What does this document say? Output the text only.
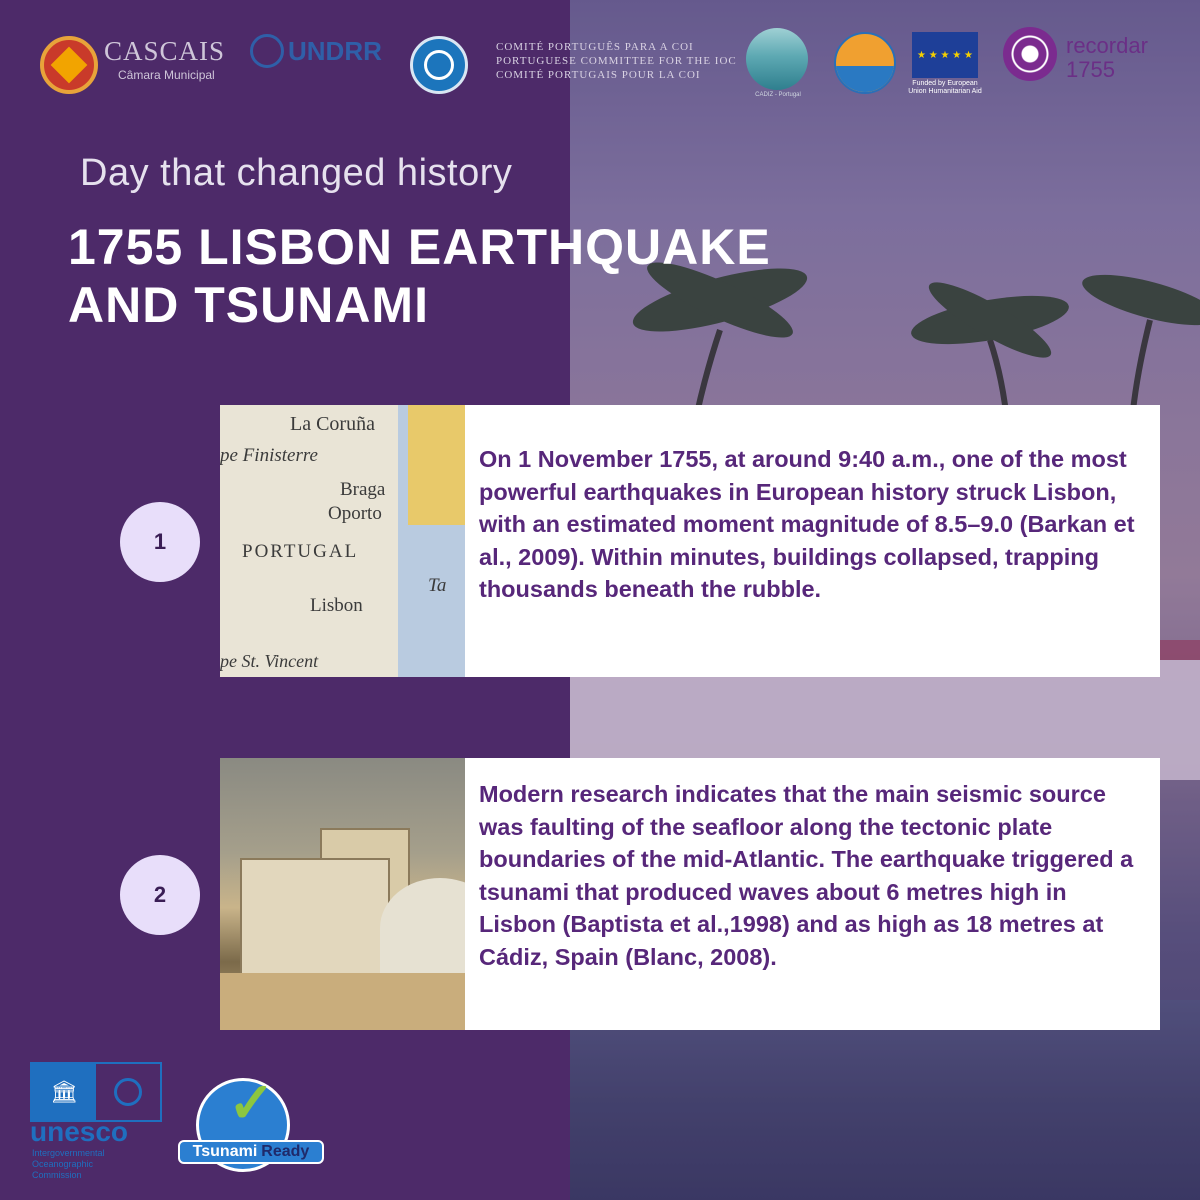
CASCAIS
Câmara Municipal
UNDRR	COMITÉ PORTUGUÊS PARA A COI
PORTUGUESE COMMITTEE FOR THE IOC
COMITÉ PORTUGAIS POUR LA COI
CADIZ - Portugal
★ ★ ★ ★ ★
Funded by European Union Humanitarian Aid
recordar
1755
Day that changed history
1755 LISBON EARTHQUAKE
AND TSUNAMI
1
La Coruña
pe Finisterre
Braga
Oporto
PORTUGAL
Lisbon
pe St. Vincent
Ta
On 1 November 1755, at around 9:40 a.m., one of the most powerful earthquakes in European history struck Lisbon, with an estimated moment magnitude of 8.5–9.0 (Barkan et al., 2009). Within minutes, buildings collapsed, trapping thousands beneath the rubble.
2
Modern research indicates that the main seismic source was faulting of the seafloor along the tectonic plate boundaries of the mid-Atlantic. The earthquake triggered a tsunami that produced waves about 6 metres high in Lisbon (Baptista et al.,1998) and as high as 18 metres at Cádiz, Spain (Blanc, 2008).
🏛
unesco
Intergovernmental
Oceanographic
Commission
✓
Tsunami Ready
